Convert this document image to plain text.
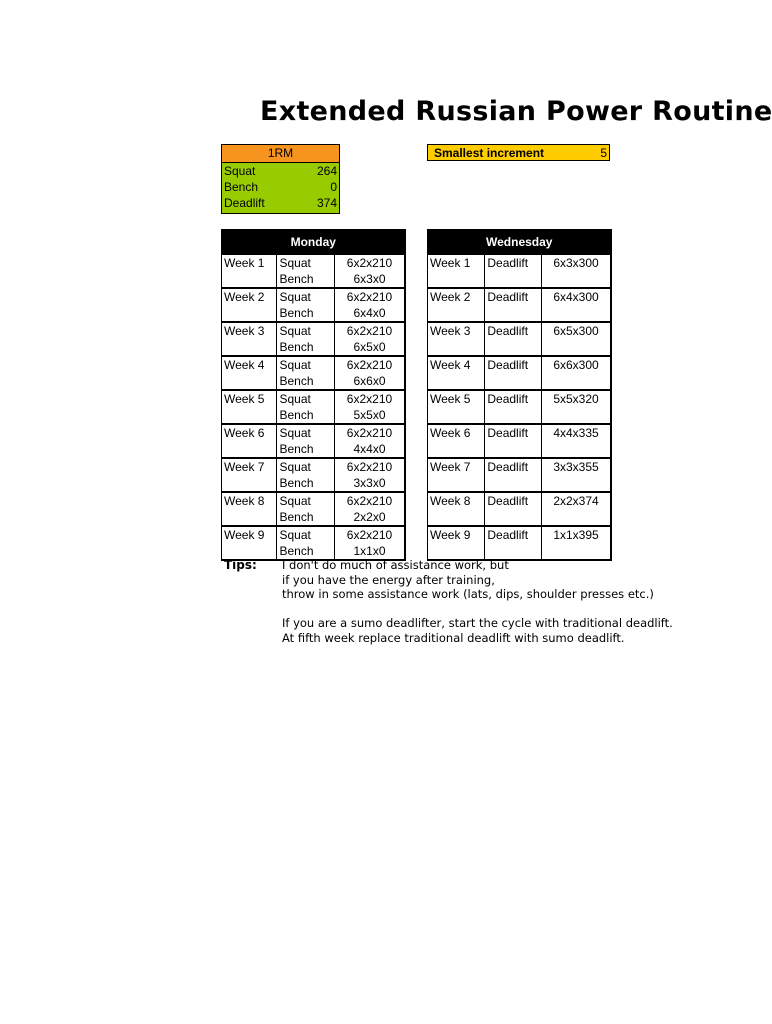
Extended Russian Power Routine
1RM
Squat	264
Bench	0
Deadlift	374
Smallest increment	5
Monday		
Week 1	Squat	6x2x210
	Bench	6x3x0
Week 2	Squat	6x2x210
	Bench	6x4x0
Week 3	Squat	6x2x210
	Bench	6x5x0
Week 4	Squat	6x2x210
	Bench	6x6x0
Week 5	Squat	6x2x210
	Bench	5x5x0
Week 6	Squat	6x2x210
	Bench	4x4x0
Week 7	Squat	6x2x210
	Bench	3x3x0
Week 8	Squat	6x2x210
	Bench	2x2x0
Week 9	Squat	6x2x210
	Bench	1x1x0
Wednesday		
Week 1	Deadlift	6x3x300

Week 2	Deadlift	6x4x300

Week 3	Deadlift	6x5x300

Week 4	Deadlift	6x6x300

Week 5	Deadlift	5x5x320

Week 6	Deadlift	4x4x335

Week 7	Deadlift	3x3x355

Week 8	Deadlift	2x2x374

Week 9	Deadlift	1x1x395

Tips: I don't do much of assistance work, but
if you have the energy after training,
throw in some assistance work (lats, dips, shoulder presses etc.)
If you are a sumo deadlifter, start the cycle with traditional deadlift.
At fifth week replace traditional deadlift with sumo deadlift.
